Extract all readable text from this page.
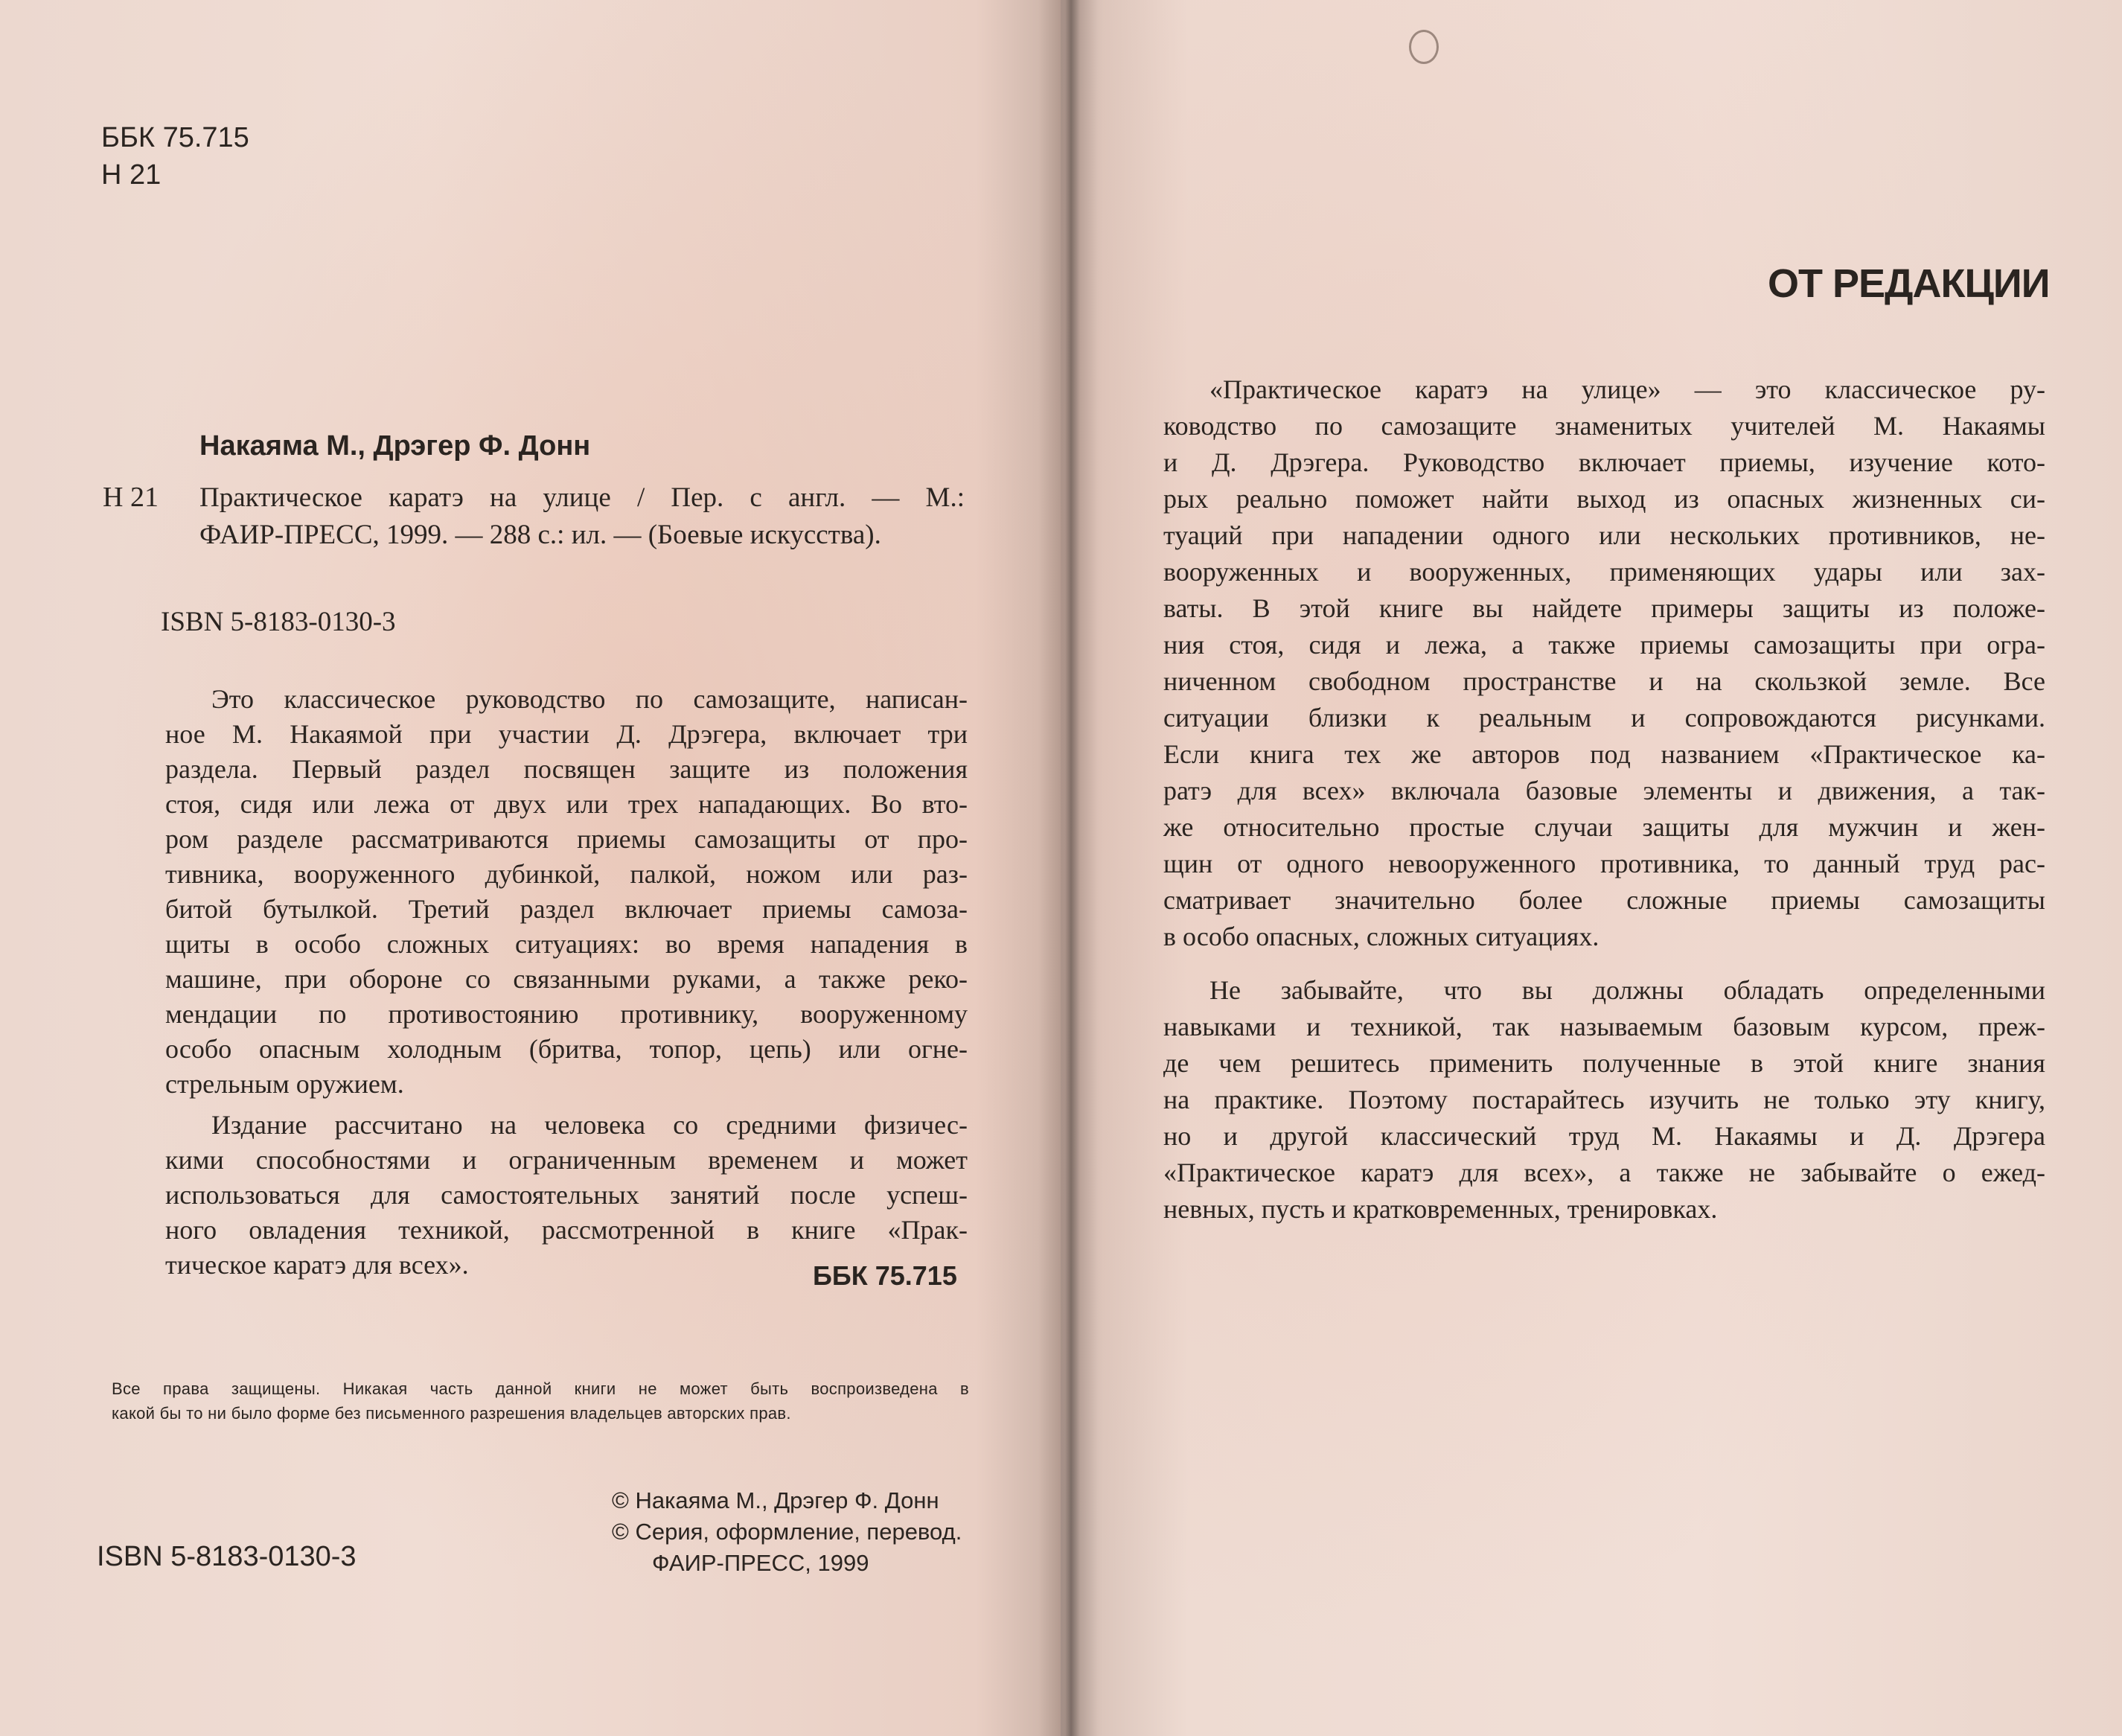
ББК 75.715
Н 21
Накаяма М., Дрэгер Ф. Донн
Н 21 Практическое каратэ на улице / Пер. с англ. — М.:
ФАИР-ПРЕСС, 1999. — 288 с.: ил. — (Боевые искусства).
ISBN 5-8183-0130-3
Это классическое руководство по самозащите, написан-
ное М. Накаямой при участии Д. Дрэгера, включает три
раздела. Первый раздел посвящен защите из положения
стоя, сидя или лежа от двух или трех нападающих. Во вто-
ром разделе рассматриваются приемы самозащиты от про-
тивника, вооруженного дубинкой, палкой, ножом или раз-
битой бутылкой. Третий раздел включает приемы самоза-
щиты в особо сложных ситуациях: во время нападения в
машине, при обороне со связанными руками, а также реко-
мендации по противостоянию противнику, вооруженному
особо опасным холодным (бритва, топор, цепь) или огне-
стрельным оружием.
Издание рассчитано на человека со средними физичес-
кими способностями и ограниченным временем и может
использоваться для самостоятельных занятий после успеш-
ного овладения техникой, рассмотренной в книге «Прак-
тическое каратэ для всех».	ББК 75.715
Все права защищены. Никакая часть данной книги не может быть воспроизведена в
какой бы то ни было форме без письменного разрешения владельцев авторских прав.
© Накаяма М., Дрэгер Ф. Донн
© Серия, оформление, перевод.
ФАИР-ПРЕСС, 1999
ISBN 5-8183-0130-3
ОТ РЕДАКЦИИ
«Практическое каратэ на улице» — это классическое ру-
ководство по самозащите знаменитых учителей М. Накаямы
и Д. Дрэгера. Руководство включает приемы, изучение кото-
рых реально поможет найти выход из опасных жизненных си-
туаций при нападении одного или нескольких противников, не-
вооруженных и вооруженных, применяющих удары или зах-
ваты. В этой книге вы найдете примеры защиты из положе-
ния стоя, сидя и лежа, а также приемы самозащиты при огра-
ниченном свободном пространстве и на скользкой земле. Все
ситуации близки к реальным и сопровождаются рисунками.
Если книга тех же авторов под названием «Практическое ка-
ратэ для всех» включала базовые элементы и движения, а так-
же относительно простые случаи защиты для мужчин и жен-
щин от одного невооруженного противника, то данный труд рас-
сматривает значительно более сложные приемы самозащиты
в особо опасных, сложных ситуациях.
Не забывайте, что вы должны обладать определенными
навыками и техникой, так называемым базовым курсом, преж-
де чем решитесь применить полученные в этой книге знания
на практике. Поэтому постарайтесь изучить не только эту книгу,
но и другой классический труд М. Накаямы и Д. Дрэгера
«Практическое каратэ для всех», а также не забывайте о ежед-
невных, пусть и кратковременных, тренировках.
